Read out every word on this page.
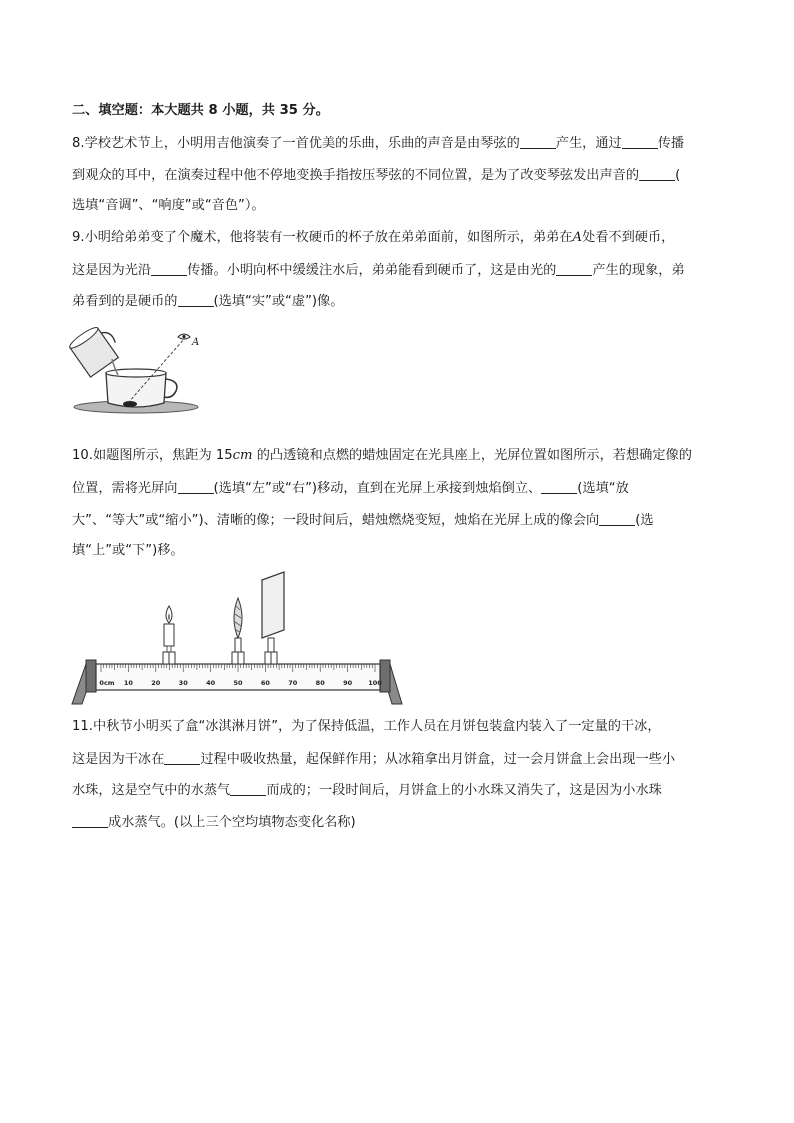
二、填空题：本大题共 8 小题，共 35 分。
8.学校艺术节上，小明用吉他演奏了一首优美的乐曲，乐曲的声音是由琴弦的	产生，通过	传播
到观众的耳中，在演奏过程中他不停地变换手指按压琴弦的不同位置，是为了改变琴弦发出声音的	(
选填“音调”、“响度”或“音色”）。
9.小明给弟弟变了个魔术，他将装有一枚硬币的杯子放在弟弟面前，如图所示，弟弟在A处看不到硬币，
这是因为光沿	传播。小明向杯中缓缓注水后，弟弟能看到硬币了，这是由光的	产生的现象，弟
弟看到的是硬币的	(选填“实”或“虚”)像。
A
10.如题图所示，焦距为 15cm 的凸透镜和点燃的蜡烛固定在光具座上，光屏位置如图所示，若想确定像的
位置，需将光屏向	(选填“左”或“右”)移动，直到在光屏上承接到烛焰倒立、	(选填“放
大”、“等大”或“缩小”)、清晰的像；一段时间后，蜡烛燃烧变短，烛焰在光屏上成的像会向	(选
填“上”或“下”)移。
0cm 10	20	30	40	50	60	70	80	90 100
11.中秋节小明买了盒“冰淇淋月饼”，为了保持低温，工作人员在月饼包装盒内装入了一定量的干冰，
这是因为干冰在	过程中吸收热量，起保鲜作用；从冰箱拿出月饼盒，过一会月饼盒上会出现一些小
水珠，这是空气中的水蒸气	而成的；一段时间后，月饼盒上的小水珠又消失了，这是因为小水珠
成水蒸气。(以上三个空均填物态变化名称)
